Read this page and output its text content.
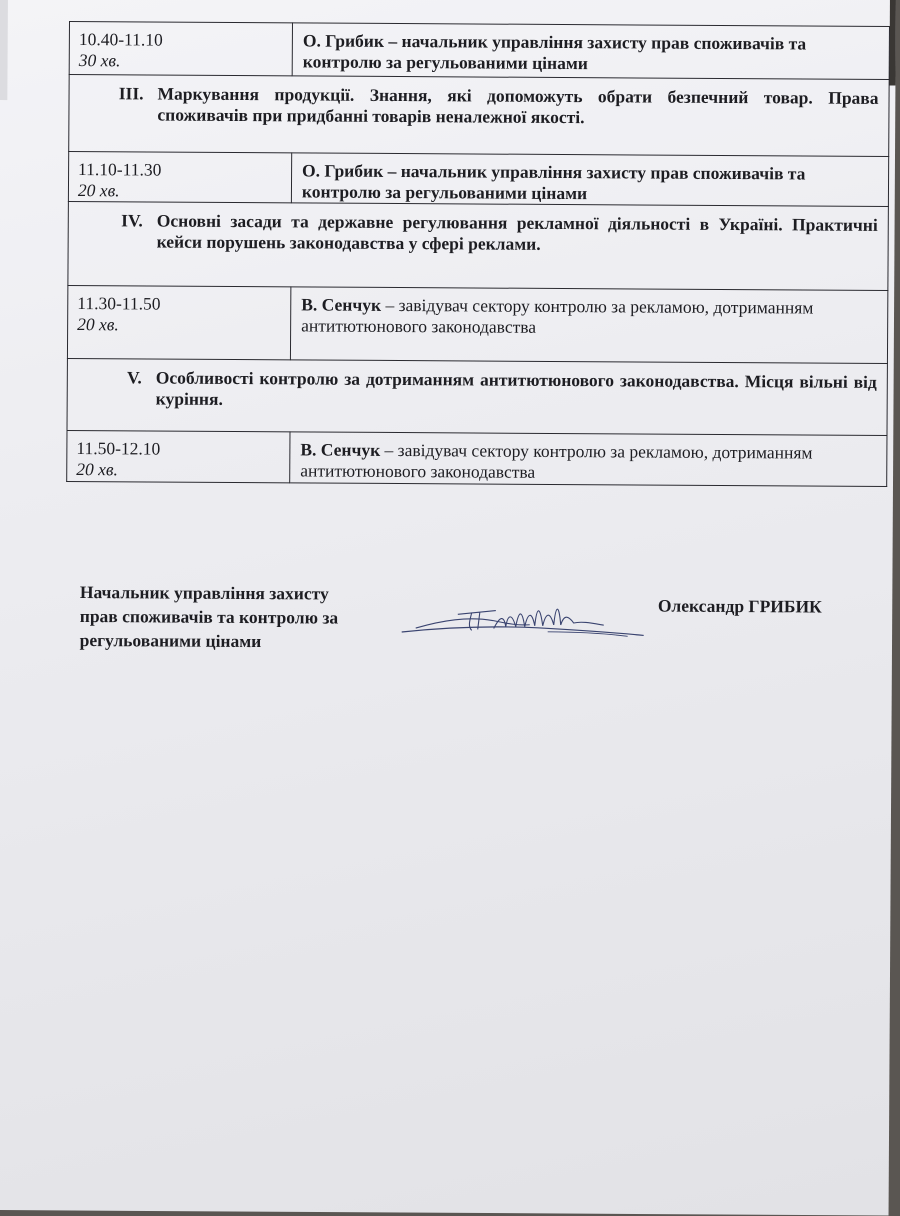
10.40-11.10
30 хв.	О. Грибик – начальник управління захисту прав споживачів та контролю за регульованими цінами

III. Маркування продукції. Знання, які допоможуть обрати безпечний товар. Права споживачів при придбанні товарів неналежної якості.	

11.10-11.30
20 хв.	О. Грибик – начальник управління захисту прав споживачів та контролю за регульованими цінами

IV. Основні засади та державне регулювання рекламної діяльності в Україні. Практичні кейси порушень законодавства у сфері реклами.	

11.30-11.50
20 хв.	В. Сенчук – завідувач сектору контролю за рекламою, дотриманням антитютюнового законодавства

V. Особливості контролю за дотриманням антитютюнового законодавства. Місця вільні від куріння.	

11.50-12.10
20 хв.	В. Сенчук – завідувач сектору контролю за рекламою, дотриманням антитютюнового законодавства
Начальник управління захисту
прав споживачів та контролю за
регульованими цінами
Олександр ГРИБИК
